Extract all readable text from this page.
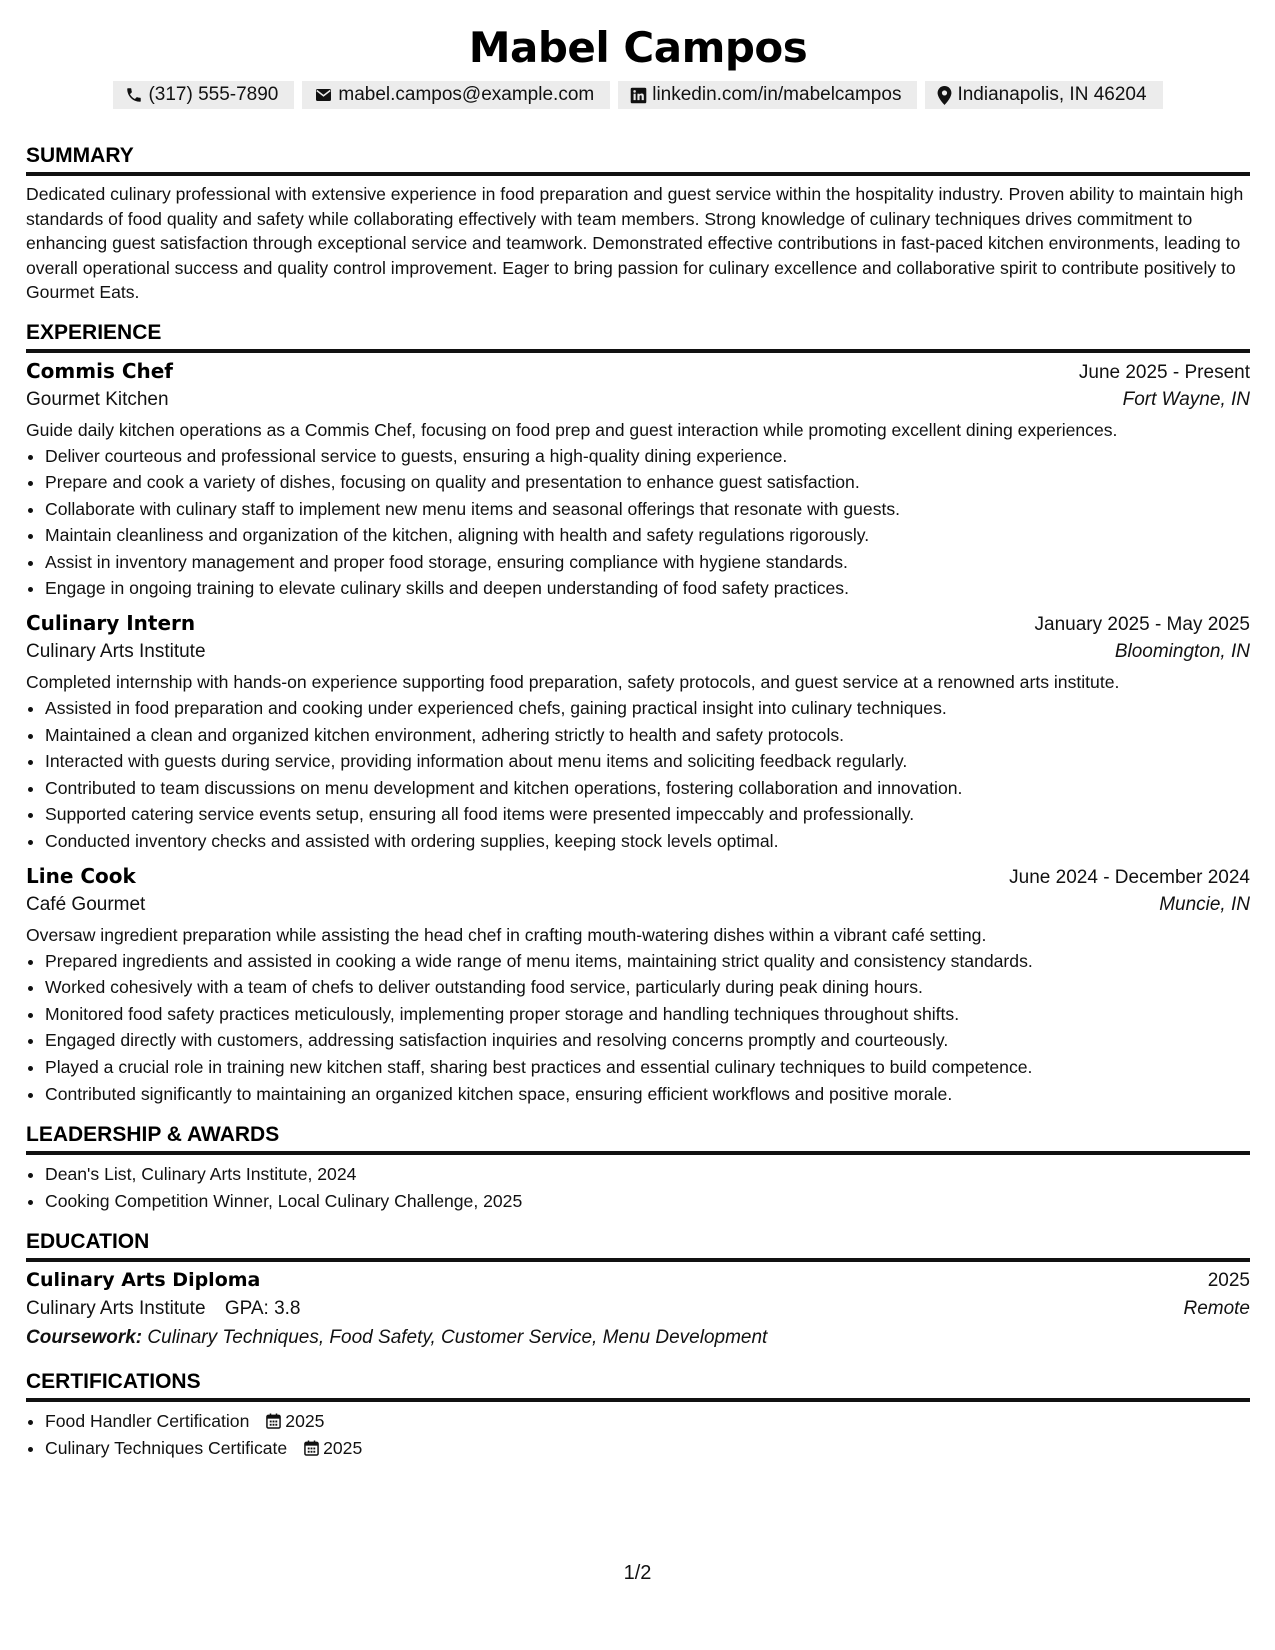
Mabel Campos
(317) 555-7890	mabel.campos@example.com	linkedin.com/in/mabelcampos	Indianapolis, IN 46204
SUMMARY
Dedicated culinary professional with extensive experience in food preparation and guest service within the hospitality industry. Proven ability to maintain high standards of food quality and safety while collaborating effectively with team members. Strong knowledge of culinary techniques drives commitment to enhancing guest satisfaction through exceptional service and teamwork. Demonstrated effective contributions in fast-paced kitchen environments, leading to overall operational success and quality control improvement. Eager to bring passion for culinary excellence and collaborative spirit to contribute positively to Gourmet Eats.
EXPERIENCE
Commis Chef	June 2025 - Present
Gourmet Kitchen	Fort Wayne, IN
Guide daily kitchen operations as a Commis Chef, focusing on food prep and guest interaction while promoting excellent dining experiences.
• Deliver courteous and professional service to guests, ensuring a high-quality dining experience.
• Prepare and cook a variety of dishes, focusing on quality and presentation to enhance guest satisfaction.
• Collaborate with culinary staff to implement new menu items and seasonal offerings that resonate with guests.
• Maintain cleanliness and organization of the kitchen, aligning with health and safety regulations rigorously.
• Assist in inventory management and proper food storage, ensuring compliance with hygiene standards.
• Engage in ongoing training to elevate culinary skills and deepen understanding of food safety practices.
Culinary Intern	January 2025 - May 2025
Culinary Arts Institute	Bloomington, IN
Completed internship with hands-on experience supporting food preparation, safety protocols, and guest service at a renowned arts institute.
• Assisted in food preparation and cooking under experienced chefs, gaining practical insight into culinary techniques.
• Maintained a clean and organized kitchen environment, adhering strictly to health and safety protocols.
• Interacted with guests during service, providing information about menu items and soliciting feedback regularly.
• Contributed to team discussions on menu development and kitchen operations, fostering collaboration and innovation.
• Supported catering service events setup, ensuring all food items were presented impeccably and professionally.
• Conducted inventory checks and assisted with ordering supplies, keeping stock levels optimal.
Line Cook	June 2024 - December 2024
Café Gourmet	Muncie, IN
Oversaw ingredient preparation while assisting the head chef in crafting mouth-watering dishes within a vibrant café setting.
• Prepared ingredients and assisted in cooking a wide range of menu items, maintaining strict quality and consistency standards.
• Worked cohesively with a team of chefs to deliver outstanding food service, particularly during peak dining hours.
• Monitored food safety practices meticulously, implementing proper storage and handling techniques throughout shifts.
• Engaged directly with customers, addressing satisfaction inquiries and resolving concerns promptly and courteously.
• Played a crucial role in training new kitchen staff, sharing best practices and essential culinary techniques to build competence.
• Contributed significantly to maintaining an organized kitchen space, ensuring efficient workflows and positive morale.
LEADERSHIP & AWARDS
• Dean's List, Culinary Arts Institute, 2024
• Cooking Competition Winner, Local Culinary Challenge, 2025
EDUCATION
Culinary Arts Diploma	2025
Culinary Arts Institute GPA: 3.8	Remote
Coursework: Culinary Techniques, Food Safety, Customer Service, Menu Development
CERTIFICATIONS
• Food Handler Certification 2025
• Culinary Techniques Certificate 2025
1/2
